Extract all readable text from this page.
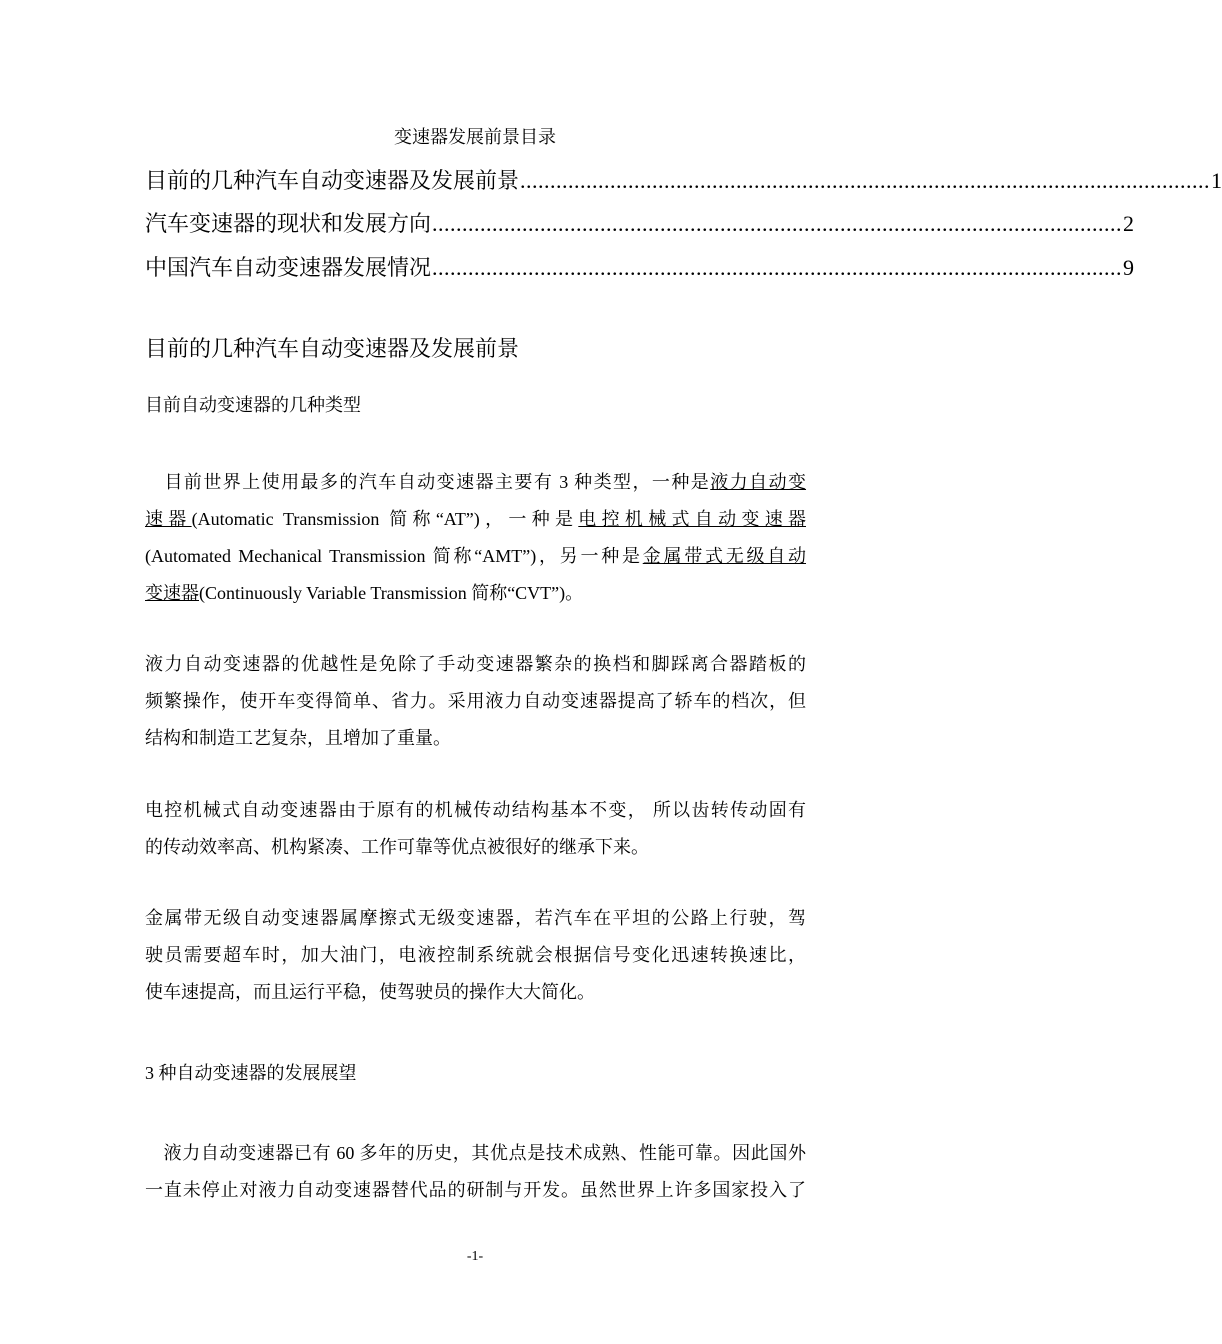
变速器发展前景目录
目前的几种汽车自动变速器及发展前景 ................................................................................................................... 1
汽车变速器的现状和发展方向 ................................................................................................................... 2
中国汽车自动变速器发展情况 ................................................................................................................... 9
目前的几种汽车自动变速器及发展前景
目前自动变速器的几种类型
　目前世界上使用最多的汽车自动变速器主要有 3 种类型，一种是液力自动变
速器(Automatic Transmission 简称“AT”)，一种是电控机械式自动变速器
(Automated Mechanical Transmission 简称“AMT”)，另一种是金属带式无级自动
变速器(Continuously Variable Transmission 简称“CVT”)。
液力自动变速器的优越性是免除了手动变速器繁杂的换档和脚踩离合器踏板的
频繁操作，使开车变得简单、省力。采用液力自动变速器提高了轿车的档次，但
结构和制造工艺复杂，且增加了重量。
电控机械式自动变速器由于原有的机械传动结构基本不变， 所以齿转传动固有
的传动效率高、机构紧凑、工作可靠等优点被很好的继承下来。
金属带无级自动变速器属摩擦式无级变速器，若汽车在平坦的公路上行驶，驾
驶员需要超车时，加大油门，电液控制系统就会根据信号变化迅速转换速比，
使车速提高，而且运行平稳，使驾驶员的操作大大简化。
3 种自动变速器的发展展望
　液力自动变速器已有 60 多年的历史，其优点是技术成熟、性能可靠。因此国外
一直未停止对液力自动变速器替代品的研制与开发。虽然世界上许多国家投入了
-1-
